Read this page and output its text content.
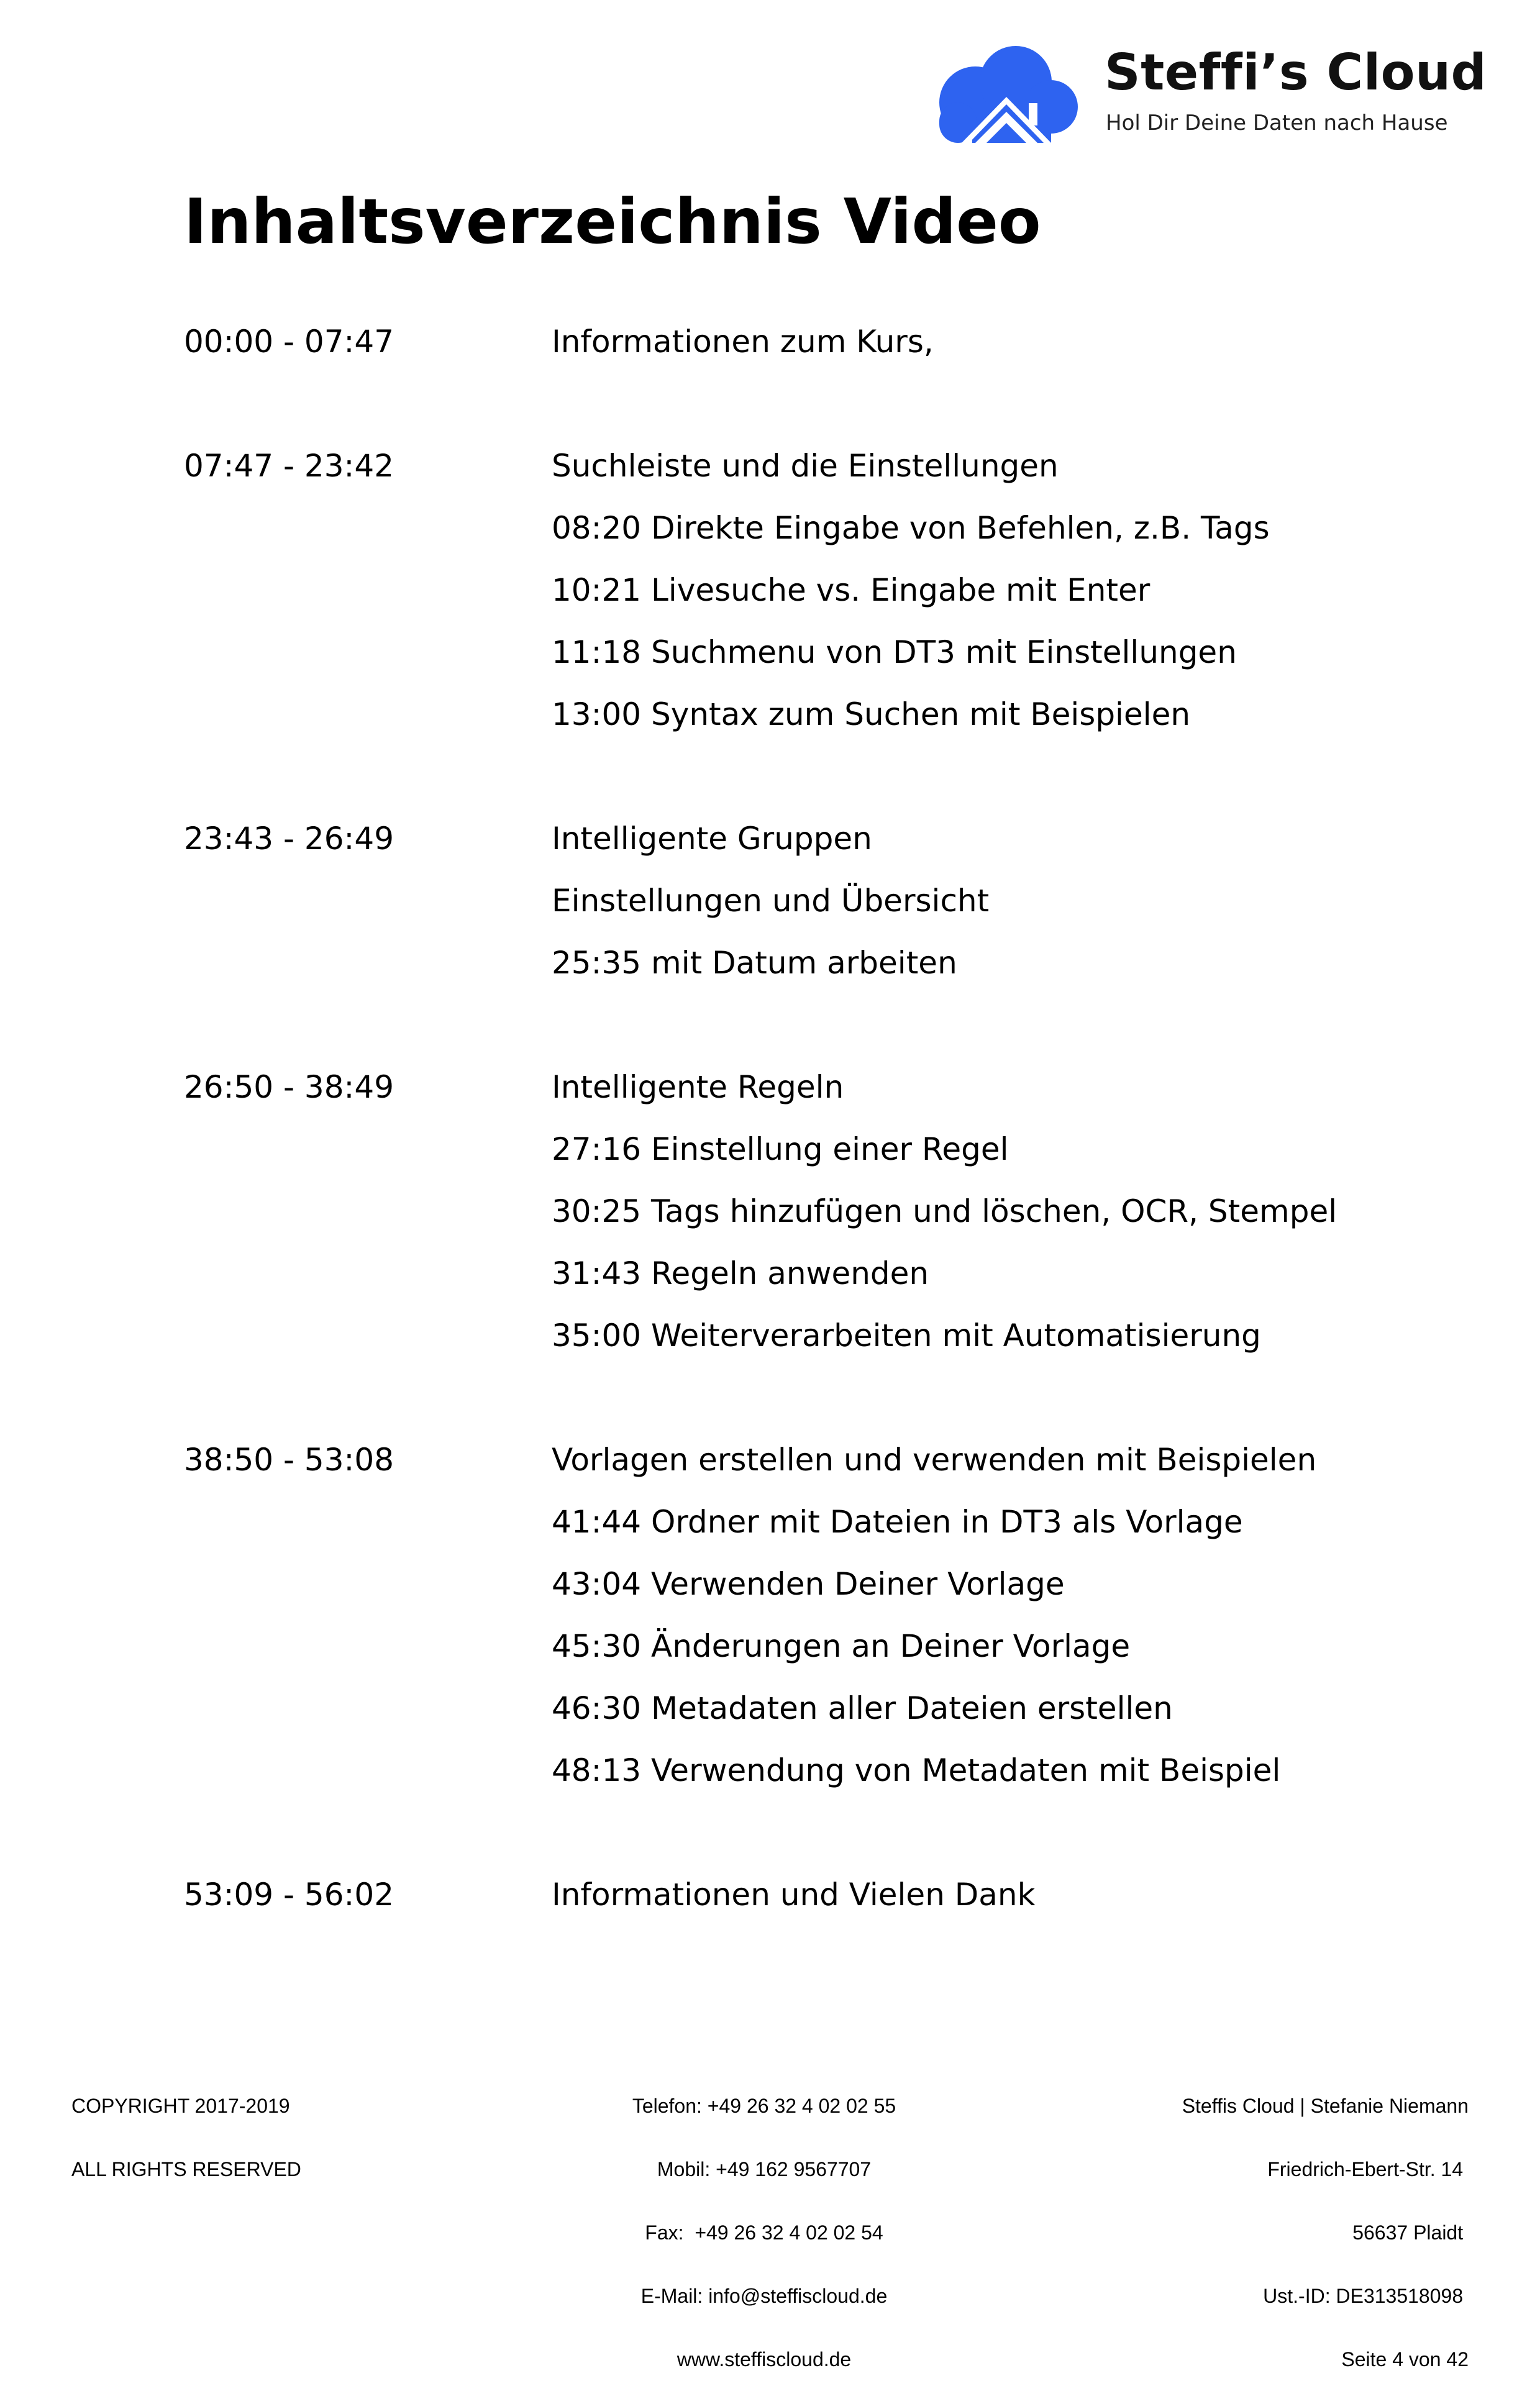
Steffi’s Cloud
Hol Dir Deine Daten nach Hause
Inhaltsverzeichnis Video
00:00 - 07:47	Informationen zum Kurs,
07:47 - 23:42	Suchleiste und die Einstellungen
08:20 Direkte Eingabe von Befehlen, z.B. Tags
10:21 Livesuche vs. Eingabe mit Enter
11:18 Suchmenu von DT3 mit Einstellungen
13:00 Syntax zum Suchen mit Beispielen
23:43 - 26:49	Intelligente Gruppen
Einstellungen und Übersicht
25:35 mit Datum arbeiten
26:50 - 38:49	Intelligente Regeln
27:16 Einstellung einer Regel
30:25 Tags hinzufügen und löschen, OCR, Stempel
31:43 Regeln anwenden
35:00 Weiterverarbeiten mit Automatisierung
38:50 - 53:08	Vorlagen erstellen und verwenden mit Beispielen
41:44 Ordner mit Dateien in DT3 als Vorlage
43:04 Verwenden Deiner Vorlage
45:30 Änderungen an Deiner Vorlage
46:30 Metadaten aller Dateien erstellen
48:13 Verwendung von Metadaten mit Beispiel
53:09 - 56:02	Informationen und Vielen Dank

COPYRIGHT 2017-2019

ALL RIGHTS RESERVED

Telefon: +49 26 32 4 02 02 55

Mobil: +49 162 9567707

Fax:  +49 26 32 4 02 02 54

E-Mail: info@steffiscloud.de

www.steffiscloud.de

Steffis Cloud | Stefanie Niemann

Friedrich-Ebert-Str. 14

56637 Plaidt

Ust.-ID: DE313518098

Seite 4 von 42
